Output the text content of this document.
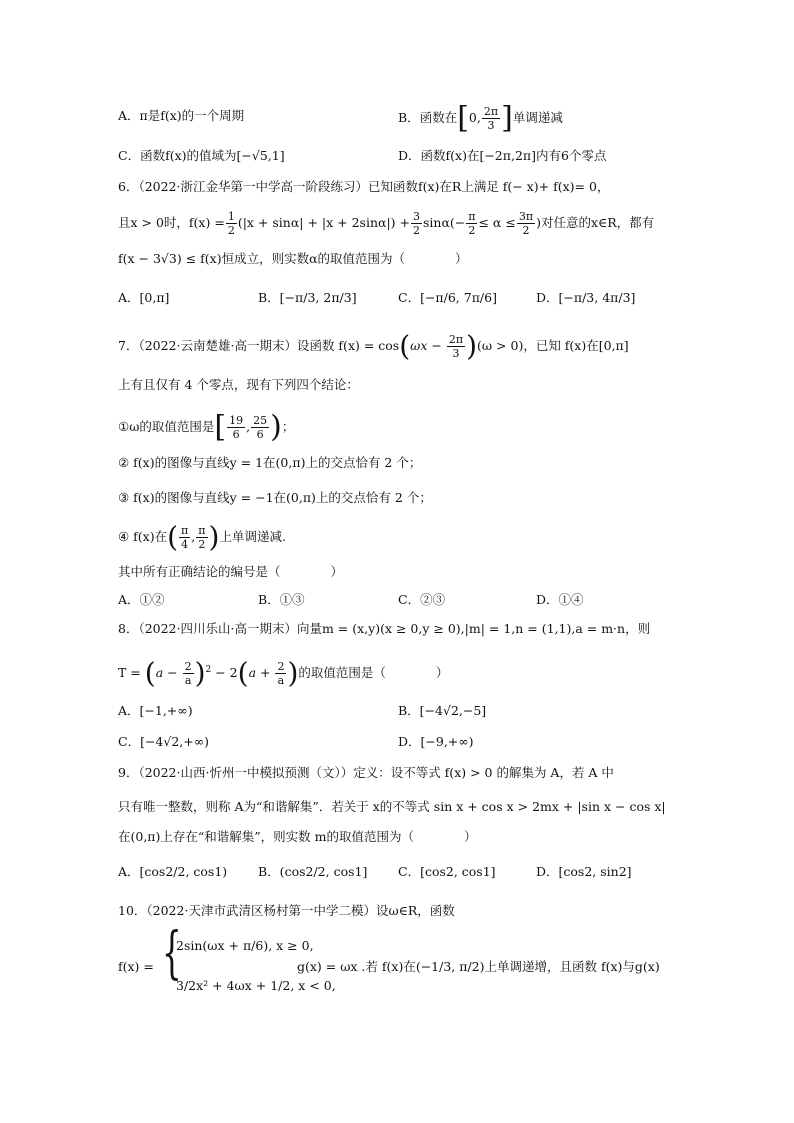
A．π是f(x)的一个周期	B．函数在[0, $\frac{2\pi}{3}$ ]单调递减
C．函数f(x)的值域为[−√5,1]	D．函数f(x)在[−2π,2π]内有6个零点
6．（2022·浙江金华第一中学高一阶段练习）已知函数f(x)在R上满足 f(− x)+ f(x)= 0，
且x > 0时，$f(x) = \frac{1}{2} (|x + \sin\alpha| + |x + 2\sin\alpha|) + \frac{3}{2} \sin\alpha(- \frac{\pi}{2} \le \alpha \le \frac{3\pi}{2}$ )对任意的x∈R，都有
f(x − 3√3) ≤ f(x)恒成立，则实数α的取值范围为（　　　　）
A．[0,π]	B．[−π/3, 2π/3]	C．[−π/6, 7π/6]	D．[−π/3, 4π/3]
7．（2022·云南楚雄·高一期末）设函数 $f(x) = \cos(\omega x - \frac{2\pi}{3} )(\omega > 0)$，已知 f(x)在[0,π]
上有且仅有 4 个零点，现有下列四个结论：
①ω的取值范围是[ $\frac{19}{6}$ , $\frac{25}{6}$ )；
② f(x)的图像与直线y = 1在(0,π)上的交点恰有 2 个；
③ f(x)的图像与直线y = −1在(0,π)上的交点恰有 2 个；
④ f(x)在( $\frac{\pi}{4}$ , $\frac{\pi}{2}$ )上单调递减.
其中所有正确结论的编号是（　　　　）
A．①②	B．①③	C．②③	D．①④
8．（2022·四川乐山·高一期末）向量m = (x,y)(x ≥ 0,y ≥ 0),|m| = 1,n = (1,1),a = m·n，则
$T = (a - \frac{2}{a} )^2 - 2(a + \frac{2}{a}$ )的取值范围是（　　　　）
A．[−1,+∞)	B．[−4√2,−5]
C．[−4√2,+∞)	D．[−9,+∞)
9．（2022·山西·忻州一中模拟预测（文））定义：设不等式 f(x) > 0 的解集为 A，若 A 中
只有唯一整数，则称 A为“和谐解集”．若关于 x的不等式 sin x + cos x > 2mx + |sin x − cos x|
在(0,π)上存在“和谐解集”，则实数 m的取值范围为（　　　　）
A．[cos2/2, cos1) B．(cos2/2, cos1] C．[cos2, cos1]	D．[cos2, sin2]
10．（2022·天津市武清区杨村第一中学二模）设ω∈R，函数
f(x) = {
2sin(ωx + π/6), x ≥ 0,
3/2x² + 4ωx + 1/2, x < 0,
g(x) = ωx .若 f(x)在(−1/3, π/2)上单调递增，且函数 f(x)与g(x)
